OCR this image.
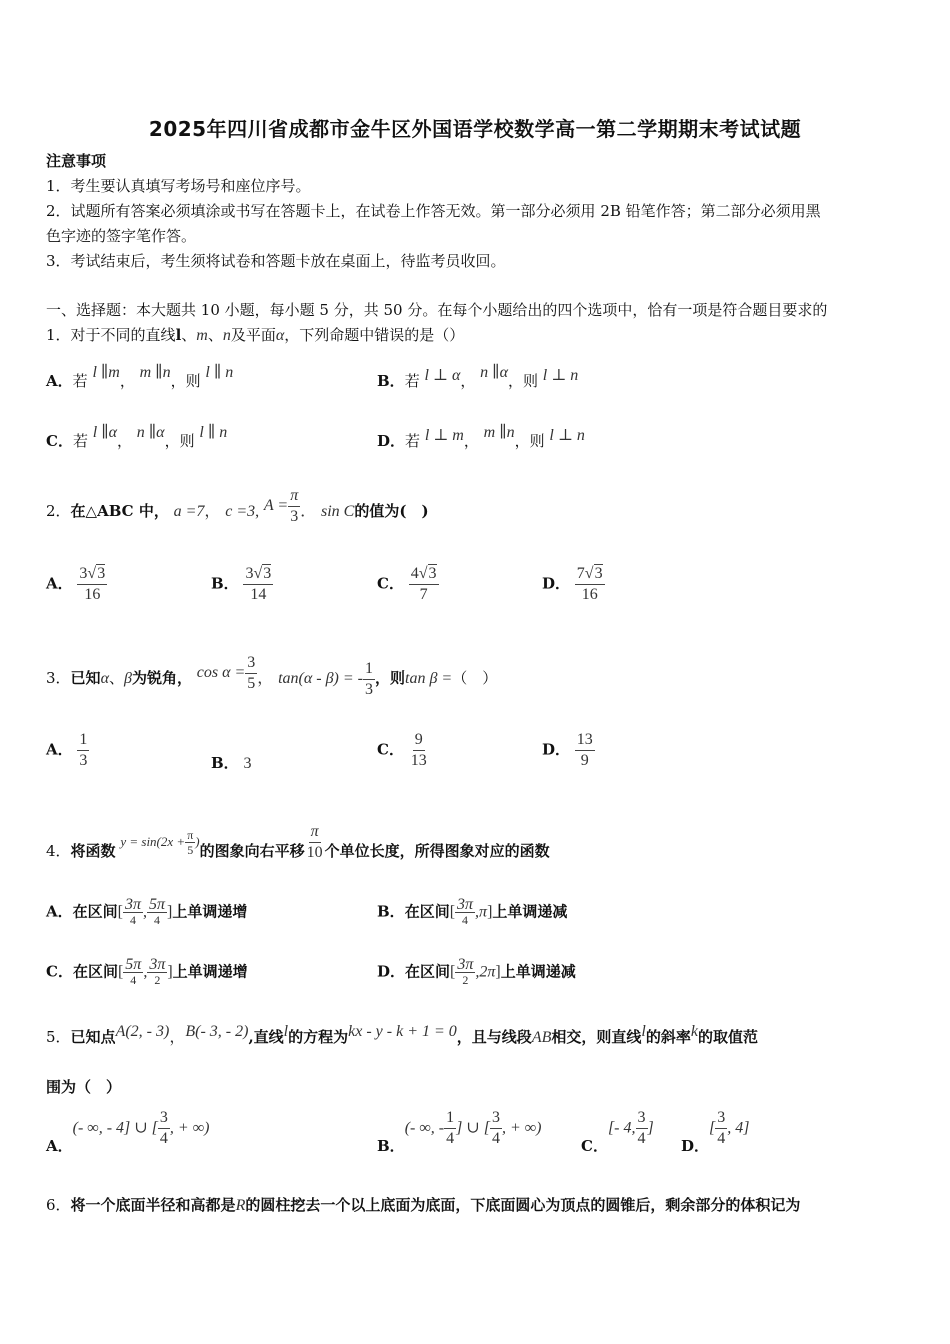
2025年四川省成都市金牛区外国语学校数学高一第二学期期末考试试题
注意事项
1．考生要认真填写考场号和座位序号。
2．试题所有答案必须填涂或书写在答题卡上，在试卷上作答无效。第一部分必须用 2B 铅笔作答；第二部分必须用黑
色字迹的签字笔作答。
3．考试结束后，考生须将试卷和答题卡放在桌面上，待监考员收回。
一、选择题：本大题共 10 小题，每小题 5 分，共 50 分。在每个小题给出的四个选项中，恰有一项是符合题目要求的
1．对于不同的直线l、m、n及平面α，下列命题中错误的是（）
A．若 l ∥m， m ∥n，则 l ∥ n	B．若 l ⊥ α， n ∥α，则 l ⊥ n
C．若 l ∥α， n ∥α，则 l ∥ n	D．若 l ⊥ m， m ∥n，则 l ⊥ n
2．在△ABC 中， a =7， c =3, $A = \frac{\pi}{3}$ ． sin C的值为(　)
A． $\frac{3√3}{16}$	B． $\frac{3√3}{14}$	C． $\frac{4√3}{7}$	D． $\frac{7√3}{16}$
3．已知α、β为锐角， $\cos \alpha = \frac{3}{5}$ ， tan(α - β) = - $\frac{1}{3}$ ，则tan β =（　）
A． $\frac{1}{3}$	B． 3
C． $\frac{9}{13}$	D． $\frac{13}{9}$
4．将函数 $y = \sin(2x + \frac{\pi}{5}$ )的图象向右平移 $\frac{\pi}{10}$ 个单位长度，所得图象对应的函数
A．在区间[ $\frac{3\pi}{4}$ , $\frac{5\pi}{4}$ ]上单调递增	B．在区间[ $\frac{3\pi}{4} ,\pi$]上单调递减
C．在区间[ $\frac{5\pi}{4}$ , $\frac{3\pi}{2}$ ]上单调递增	D．在区间[ $\frac{3\pi}{2} ,2\pi$]上单调递减
5．已知点A(2, - 3)，B(- 3, - 2),直线l的方程为kx - y - k + 1 = 0，且与线段AB相交，则直线l的斜率k的取值范
围为（　）
A．(- ∞, - 4] ∪ [ $\frac{3}{4}$ , + ∞)
B．(- ∞, - $\frac{1}{4}$ ] ∪ [ $\frac{3}{4}$ , + ∞)
C．[- 4, $\frac{3}{4}$ ]
D．[ $\frac{3}{4}$ , 4]
6．将一个底面半径和高都是R的圆柱挖去一个以上底面为底面，下底面圆心为顶点的圆锥后，剩余部分的体积记为
